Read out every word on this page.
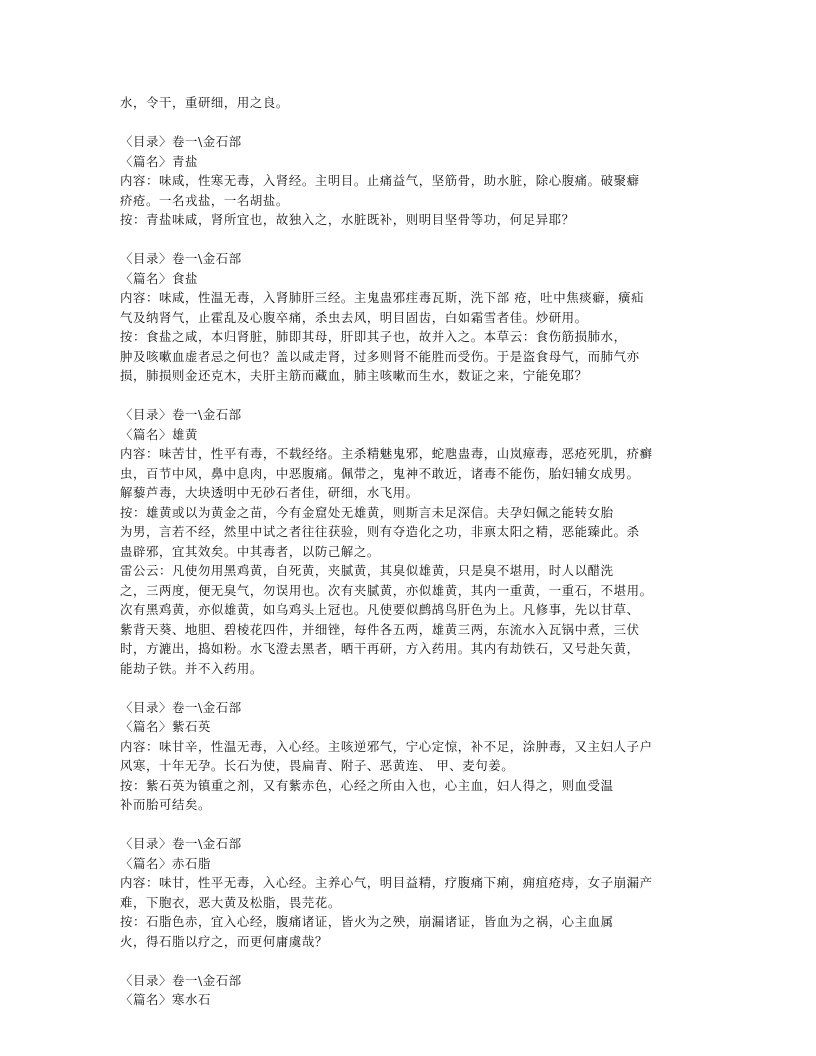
水，令干，重研细，用之良。
〈目录〉卷一\金石部
〈篇名〉青盐
内容：味咸，性寒无毒，入肾经。主明目。止痛益气，坚筋骨，助水脏，除心腹痛。破聚癖
疥疮。一名戎盐，一名胡盐。
按：青盐味咸，肾所宜也，故独入之，水脏既补，则明目坚骨等功，何足异耶？
〈目录〉卷一\金石部
〈篇名〉食盐
内容：味咸，性温无毒，入肾肺肝三经。主鬼蛊邪疰毒瓦斯，洗下部 疮，吐中焦痰癖，癀疝
气及纳肾气，止霍乱及心腹卒痛，杀虫去风，明目固齿，白如霜雪者佳。炒研用。
按：食盐之咸，本归肾脏，肺即其母，肝即其子也，故并入之。本草云：食伤筋损肺水，
肿及咳嗽血虚者忌之何也？盖以咸走肾，过多则肾不能胜而受伤。于是盗食母气，而肺气亦
损，肺损则金还克木，夫肝主筋而藏血，肺主咳嗽而生水，数证之来，宁能免耶？
〈目录〉卷一\金石部
〈篇名〉雄黄
内容：味苦甘，性平有毒，不载经络。主杀精魅鬼邪，蛇虺蛊毒，山岚瘴毒，恶疮死肌，疥癣
虫，百节中风，鼻中息肉，中恶腹痛。佩带之，鬼神不敢近，诸毒不能伤，胎妇辅女成男。
解藜芦毒，大块透明中无砂石者佳，研细，水飞用。
按：雄黄或以为黄金之苗，今有金窟处无雄黄，则斯言未足深信。夫孕妇佩之能转女胎
为男，言若不经，然里中试之者往往获验，则有夺造化之功，非禀太阳之精，恶能臻此。杀
蛊辟邪，宜其效矣。中其毒者，以防己解之。
雷公云：凡使勿用黑鸡黄，自死黄，夹腻黄，其臭似雄黄，只是臭不堪用，时人以醋洗
之，三两度，便无臭气，勿误用也。次有夹腻黄，亦似雄黄，其内一重黄，一重石，不堪用。
次有黑鸡黄，亦似雄黄，如乌鸡头上冠也。凡使要似鹧鸪鸟肝色为上。凡修事，先以甘草、
紫背天葵、地胆、碧棱花四件，并细锉，每件各五两，雄黄三两，东流水入瓦锅中煮，三伏
时，方漉出，捣如粉。水飞澄去黑者，晒干再研，方入药用。其内有劫铁石，又号赴矢黄，
能劫子铁。并不入药用。
〈目录〉卷一\金石部
〈篇名〉紫石英
内容：味甘辛，性温无毒，入心经。主咳逆邪气，宁心定惊，补不足，涂肿毒，又主妇人子户
风寒，十年无孕。长石为使，畏扁青、附子、恶黄连、 甲、麦句姜。
按：紫石英为镇重之剂，又有紫赤色，心经之所由入也，心主血，妇人得之，则血受温
补而胎可结矣。
〈目录〉卷一\金石部
〈篇名〉赤石脂
内容：味甘，性平无毒，入心经。主养心气，明目益精，疗腹痛下痢，痈疽疮痔，女子崩漏产
难，下胞衣，恶大黄及松脂，畏芫花。
按：石脂色赤，宜入心经，腹痛诸证，皆火为之殃，崩漏诸证，皆血为之祸，心主血属
火，得石脂以疗之，而更何庸虞哉？
〈目录〉卷一\金石部
〈篇名〉寒水石
